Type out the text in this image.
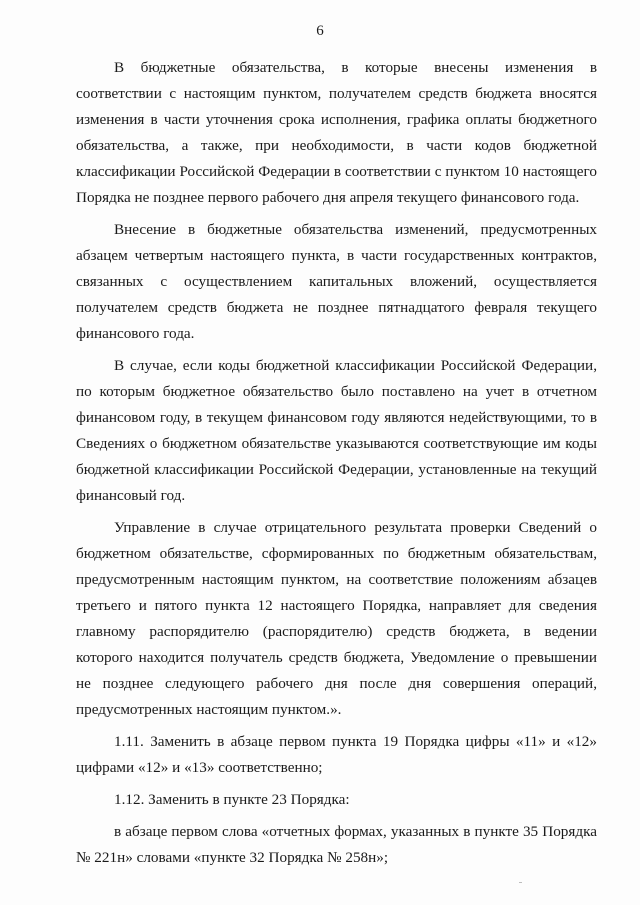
6

В бюджетные обязательства, в которые внесены изменения в соответствии с настоящим пунктом, получателем средств бюджета вносятся изменения в части уточнения срока исполнения, графика оплаты бюджетного обязательства, а также, при необходимости, в части кодов бюджетной классификации Российской Федерации в соответствии с пунктом 10 настоящего Порядка не позднее первого рабочего дня апреля текущего финансового года.

Внесение в бюджетные обязательства изменений, предусмотренных абзацем четвертым настоящего пункта, в части государственных контрактов, связанных с осуществлением капитальных вложений, осуществляется получателем средств бюджета не позднее пятнадцатого февраля текущего финансового года.

В случае, если коды бюджетной классификации Российской Федерации, по которым бюджетное обязательство было поставлено на учет в отчетном финансовом году, в текущем финансовом году являются недействующими, то в Сведениях о бюджетном обязательстве указываются соответствующие им коды бюджетной классификации Российской Федерации, установленные на текущий финансовый год.

Управление в случае отрицательного результата проверки Сведений о бюджетном обязательстве, сформированных по бюджетным обязательствам, предусмотренным настоящим пунктом, на соответствие положениям абзацев третьего и пятого пункта 12 настоящего Порядка, направляет для сведения главному распорядителю (распорядителю) средств бюджета, в ведении которого находится получатель средств бюджета, Уведомление о превышении не позднее следующего рабочего дня после дня совершения операций, предусмотренных настоящим пунктом.».

1.11. Заменить в абзаце первом пункта 19 Порядка цифры «11» и «12» цифрами «12» и «13» соответственно;

1.12. Заменить в пункте 23 Порядка:

в абзаце первом слова «отчетных формах, указанных в пункте 35 Порядка № 221н» словами «пункте 32 Порядка № 258н»;
